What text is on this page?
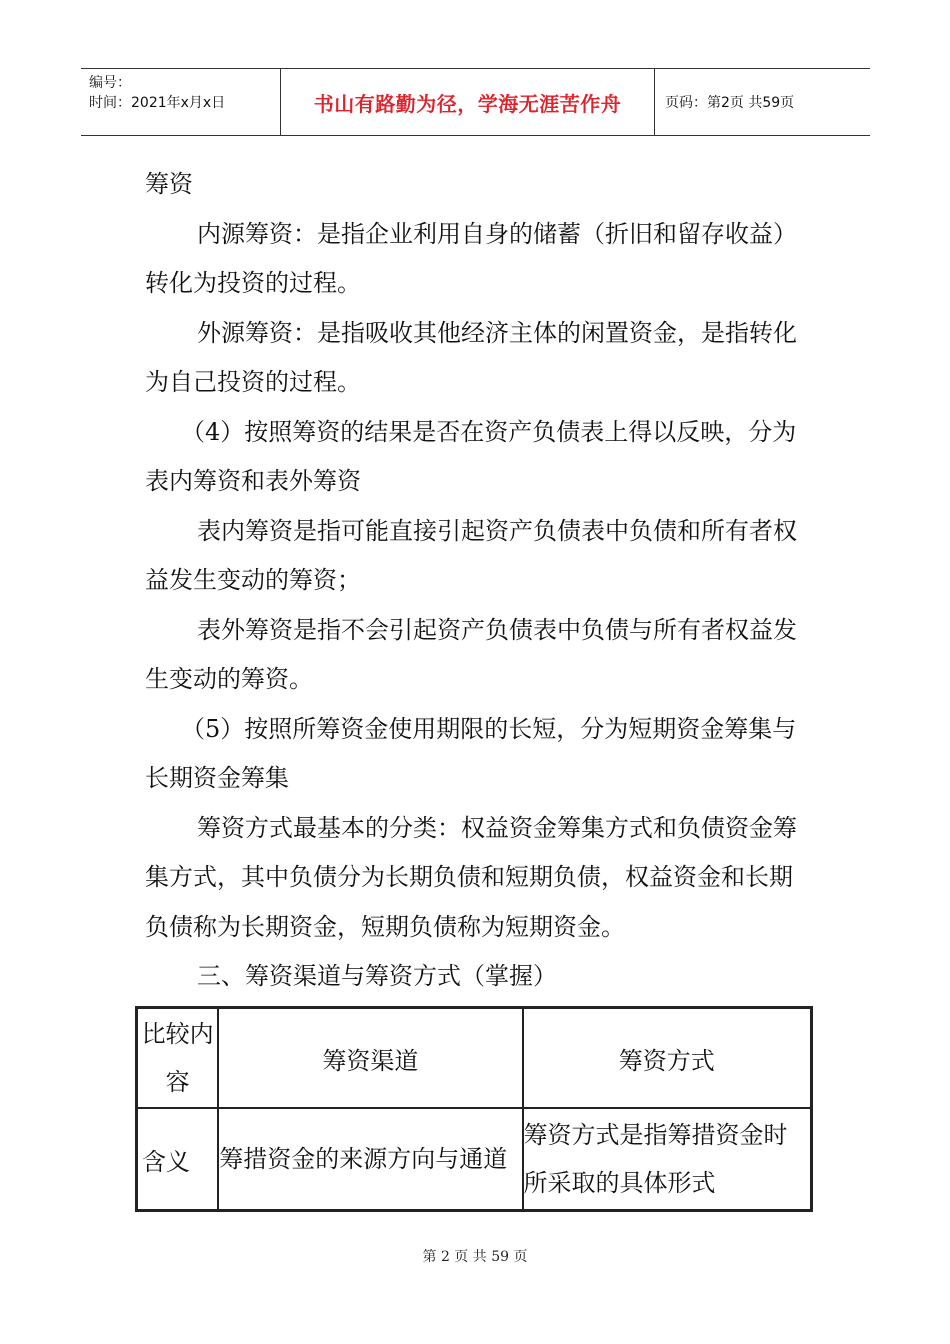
编号：
时间：2021年x月x日	书山有路勤为径，学海无涯苦作舟	页码：第2页 共59页

筹资

内源筹资：是指企业利用自身的储蓄（折旧和留存收益）转化为投资的过程。

外源筹资：是指吸收其他经济主体的闲置资金，是指转化为自己投资的过程。

（4）按照筹资的结果是否在资产负债表上得以反映，分为表内筹资和表外筹资

表内筹资是指可能直接引起资产负债表中负债和所有者权益发生变动的筹资；

表外筹资是指不会引起资产负债表中负债与所有者权益发生变动的筹资。

（5）按照所筹资金使用期限的长短，分为短期资金筹集与长期资金筹集

筹资方式最基本的分类：权益资金筹集方式和负债资金筹集方式，其中负债分为长期负债和短期负债，权益资金和长期负债称为长期资金，短期负债称为短期资金。

三、筹资渠道与筹资方式（掌握）

比较内容	筹资渠道	筹资方式
含义	筹措资金的来源方向与通道	筹资方式是指筹措资金时所采取的具体形式
第 2 页 共 59 页
